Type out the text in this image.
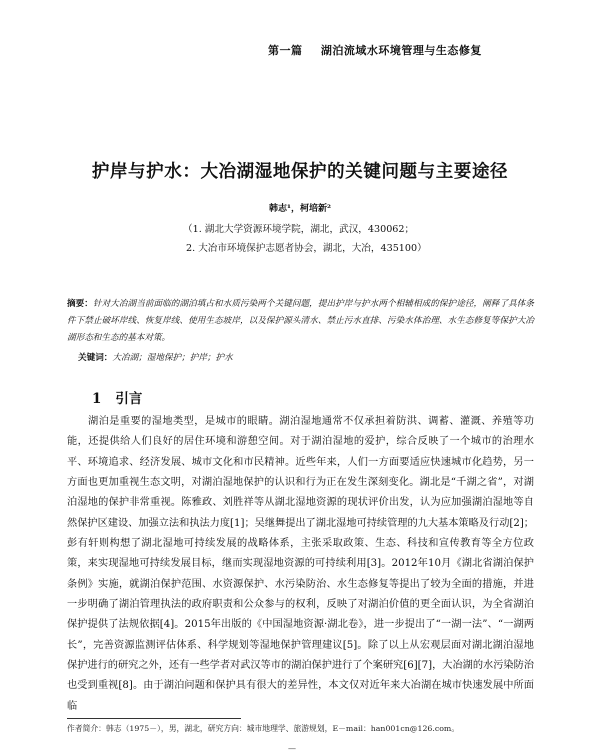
第一篇 湖泊流域水环境管理与生态修复
护岸与护水：大冶湖湿地保护的关键问题与主要途径
韩志¹，柯培新²
（1. 湖北大学资源环境学院，湖北，武汉，430062；
2. 大冶市环境保护志愿者协会，湖北，大冶，435100）
摘要：针对大冶湖当前面临的湖泊填占和水质污染两个关键问题，提出护岸与护水两个相辅相成的保护途径，阐释了具体条件下禁止破坏岸线、恢复岸线、使用生态坡岸，以及保护源头清水、禁止污水直排、污染水体治理、水生态修复等保护大冶湖形态和生态的基本对策。
关键词：大冶湖；湿地保护；护岸；护水
1 引言

湖泊是重要的湿地类型，是城市的眼睛。湖泊湿地通常不仅承担着防洪、调蓄、灌溉、养殖等功能，还提供给人们良好的居住环境和游憩空间。对于湖泊湿地的爱护，综合反映了一个城市的治理水平、环境追求、经济发展、城市文化和市民精神。近些年来，人们一方面要适应快速城市化趋势，另一方面也更加重视生态文明，对湖泊湿地保护的认识和行为正在发生深刻变化。湖北是“千湖之省”，对湖泊湿地的保护非常重视。陈雅政、刘胜祥等从湖北湿地资源的现状评价出发，认为应加强湖泊湿地等自然保护区建设、加强立法和执法力度[1]；吴继舞提出了湖北湿地可持续管理的九大基本策略及行动[2]；彭有轩则构想了湖北湿地可持续发展的战略体系，主张采取政策、生态、科技和宣传教育等全方位政策，来实现湿地可持续发展目标，继而实现湿地资源的可持续利用[3]。2012年10月《湖北省湖泊保护条例》实施，就湖泊保护范围、水资源保护、水污染防治、水生态修复等提出了较为全面的措施，并进一步明确了湖泊管理执法的政府职责和公众参与的权利，反映了对湖泊价值的更全面认识，为全省湖泊保护提供了法规依据[4]。2015年出版的《中国湿地资源·湖北卷》，进一步提出了“一湖一法”、“一湖两长”，完善资源监测评估体系、科学规划等湿地保护管理建议[5]。除了以上从宏观层面对湖北湖泊湿地保护进行的研究之外，还有一些学者对武汉等市的湖泊保护进行了个案研究[6][7]，大冶湖的水污染防治也受到重视[8]。由于湖泊问题和保护具有很大的差异性，本文仅对近年来大冶湖在城市快速发展中所面临

作者简介：韩志（1975－），男，湖北，研究方向：城市地理学、旅游规划，E－mail：han001cn@126.com。
—
